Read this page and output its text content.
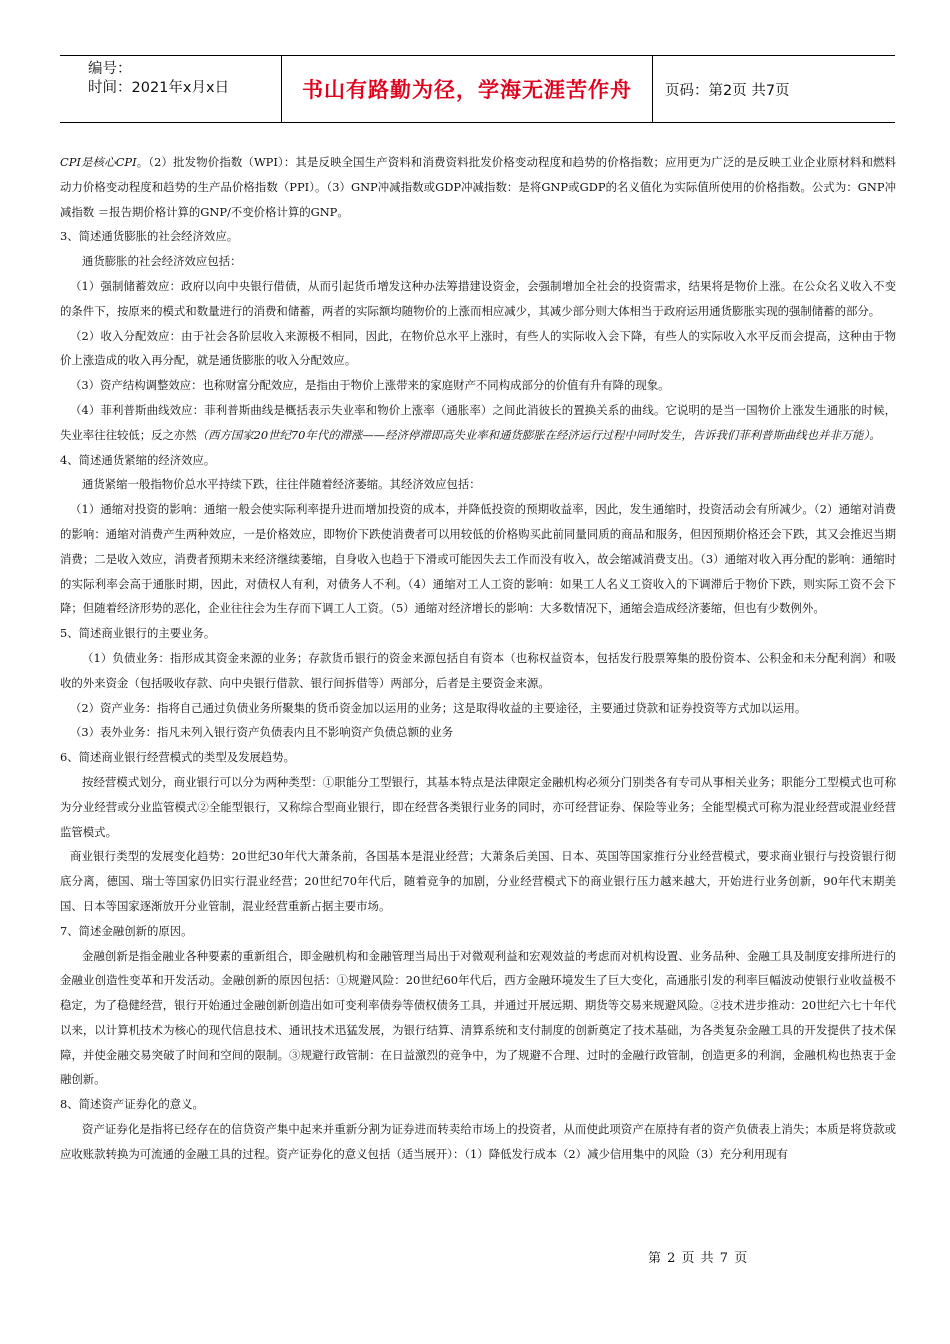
编号：
时间：2021年x月x日	书山有路勤为径，学海无涯苦作舟	页码：第2页 共7页

CPI是核心CPI。（2）批发物价指数（WPI）：其是反映全国生产资料和消费资料批发价格变动程度和趋势的价格指数；应用更为广泛的是反映工业企业原材料和燃料动力价格变动程度和趋势的生产品价格指数（PPI）。（3）GNP冲减指数或GDP冲减指数：是将GNP或GDP的名义值化为实际值所使用的价格指数。公式为：GNP冲减指数 ＝报告期价格计算的GNP/不变价格计算的GNP。

3、简述通货膨胀的社会经济效应。

通货膨胀的社会经济效应包括：

（1）强制储蓄效应：政府以向中央银行借债，从而引起货币增发这种办法筹措建设资金，会强制增加全社会的投资需求，结果将是物价上涨。在公众名义收入不变的条件下，按原来的模式和数量进行的消费和储蓄，两者的实际额均随物价的上涨而相应减少，其减少部分则大体相当于政府运用通货膨胀实现的强制储蓄的部分。

（2）收入分配效应：由于社会各阶层收入来源极不相同，因此，在物价总水平上涨时，有些人的实际收入会下降，有些人的实际收入水平反而会提高，这种由于物价上涨造成的收入再分配，就是通货膨胀的收入分配效应。

（3）资产结构调整效应：也称财富分配效应，是指由于物价上涨带来的家庭财产不同构成部分的价值有升有降的现象。

（4）菲利普斯曲线效应：菲利普斯曲线是概括表示失业率和物价上涨率（通胀率）之间此消彼长的置换关系的曲线。它说明的是当一国物价上涨发生通胀的时候，失业率往往较低；反之亦然（西方国家20世纪70年代的滞涨——经济停滞即高失业率和通货膨胀在经济运行过程中同时发生，告诉我们菲利普斯曲线也并非万能）。

4、简述通货紧缩的经济效应。

通货紧缩一般指物价总水平持续下跌，往往伴随着经济萎缩。其经济效应包括：

（1）通缩对投资的影响：通缩一般会使实际利率提升进而增加投资的成本，并降低投资的预期收益率，因此，发生通缩时，投资活动会有所减少。（2）通缩对消费的影响：通缩对消费产生两种效应，一是价格效应，即物价下跌使消费者可以用较低的价格购买此前同量同质的商品和服务，但因预期价格还会下跌，其又会推迟当期消费；二是收入效应，消费者预期未来经济继续萎缩，自身收入也趋于下滑或可能因失去工作而没有收入，故会缩减消费支出。（3）通缩对收入再分配的影响：通缩时的实际利率会高于通胀时期，因此，对债权人有利，对债务人不利。（4）通缩对工人工资的影响：如果工人名义工资收入的下调滞后于物价下跌，则实际工资不会下降；但随着经济形势的恶化，企业往往会为生存而下调工人工资。（5）通缩对经济增长的影响：大多数情况下，通缩会造成经济萎缩，但也有少数例外。

5、简述商业银行的主要业务。

（1）负债业务：指形成其资金来源的业务；存款货币银行的资金来源包括自有资本（也称权益资本，包括发行股票筹集的股份资本、公积金和未分配利润）和吸收的外来资金（包括吸收存款、向中央银行借款、银行间拆借等）两部分，后者是主要资金来源。

（2）资产业务：指将自己通过负债业务所聚集的货币资金加以运用的业务；这是取得收益的主要途径，主要通过贷款和证券投资等方式加以运用。

（3）表外业务：指凡未列入银行资产负债表内且不影响资产负债总额的业务

6、简述商业银行经营模式的类型及发展趋势。

按经营模式划分，商业银行可以分为两种类型：①职能分工型银行，其基本特点是法律限定金融机构必须分门别类各有专司从事相关业务；职能分工型模式也可称为分业经营或分业监管模式②全能型银行，又称综合型商业银行，即在经营各类银行业务的同时，亦可经营证券、保险等业务；全能型模式可称为混业经营或混业经营监管模式。

商业银行类型的发展变化趋势：20世纪30年代大萧条前，各国基本是混业经营；大萧条后美国、日本、英国等国家推行分业经营模式，要求商业银行与投资银行彻底分离，德国、瑞士等国家仍旧实行混业经营；20世纪70年代后，随着竞争的加剧，分业经营模式下的商业银行压力越来越大，开始进行业务创新，90年代末期美国、日本等国家逐渐放开分业管制，混业经营重新占据主要市场。

7、简述金融创新的原因。

金融创新是指金融业各种要素的重新组合，即金融机构和金融管理当局出于对微观利益和宏观效益的考虑而对机构设置、业务品种、金融工具及制度安排所进行的金融业创造性变革和开发活动。金融创新的原因包括：①规避风险：20世纪60年代后，西方金融环境发生了巨大变化，高通胀引发的利率巨幅波动使银行业收益极不稳定，为了稳健经营，银行开始通过金融创新创造出如可变利率债券等债权债务工具，并通过开展远期、期货等交易来规避风险。②技术进步推动：20世纪六七十年代以来，以计算机技术为核心的现代信息技术、通讯技术迅猛发展，为银行结算、清算系统和支付制度的创新奠定了技术基础，为各类复杂金融工具的开发提供了技术保障，并使金融交易突破了时间和空间的限制。③规避行政管制：在日益激烈的竞争中，为了规避不合理、过时的金融行政管制，创造更多的利润，金融机构也热衷于金融创新。

8、简述资产证券化的意义。

资产证券化是指将已经存在的信贷资产集中起来并重新分割为证券进而转卖给市场上的投资者，从而使此项资产在原持有者的资产负债表上消失；本质是将贷款或应收账款转换为可流通的金融工具的过程。资产证券化的意义包括（适当展开）：（1）降低发行成本（2）减少信用集中的风险（3）充分利用现有

第 2 页 共 7 页
